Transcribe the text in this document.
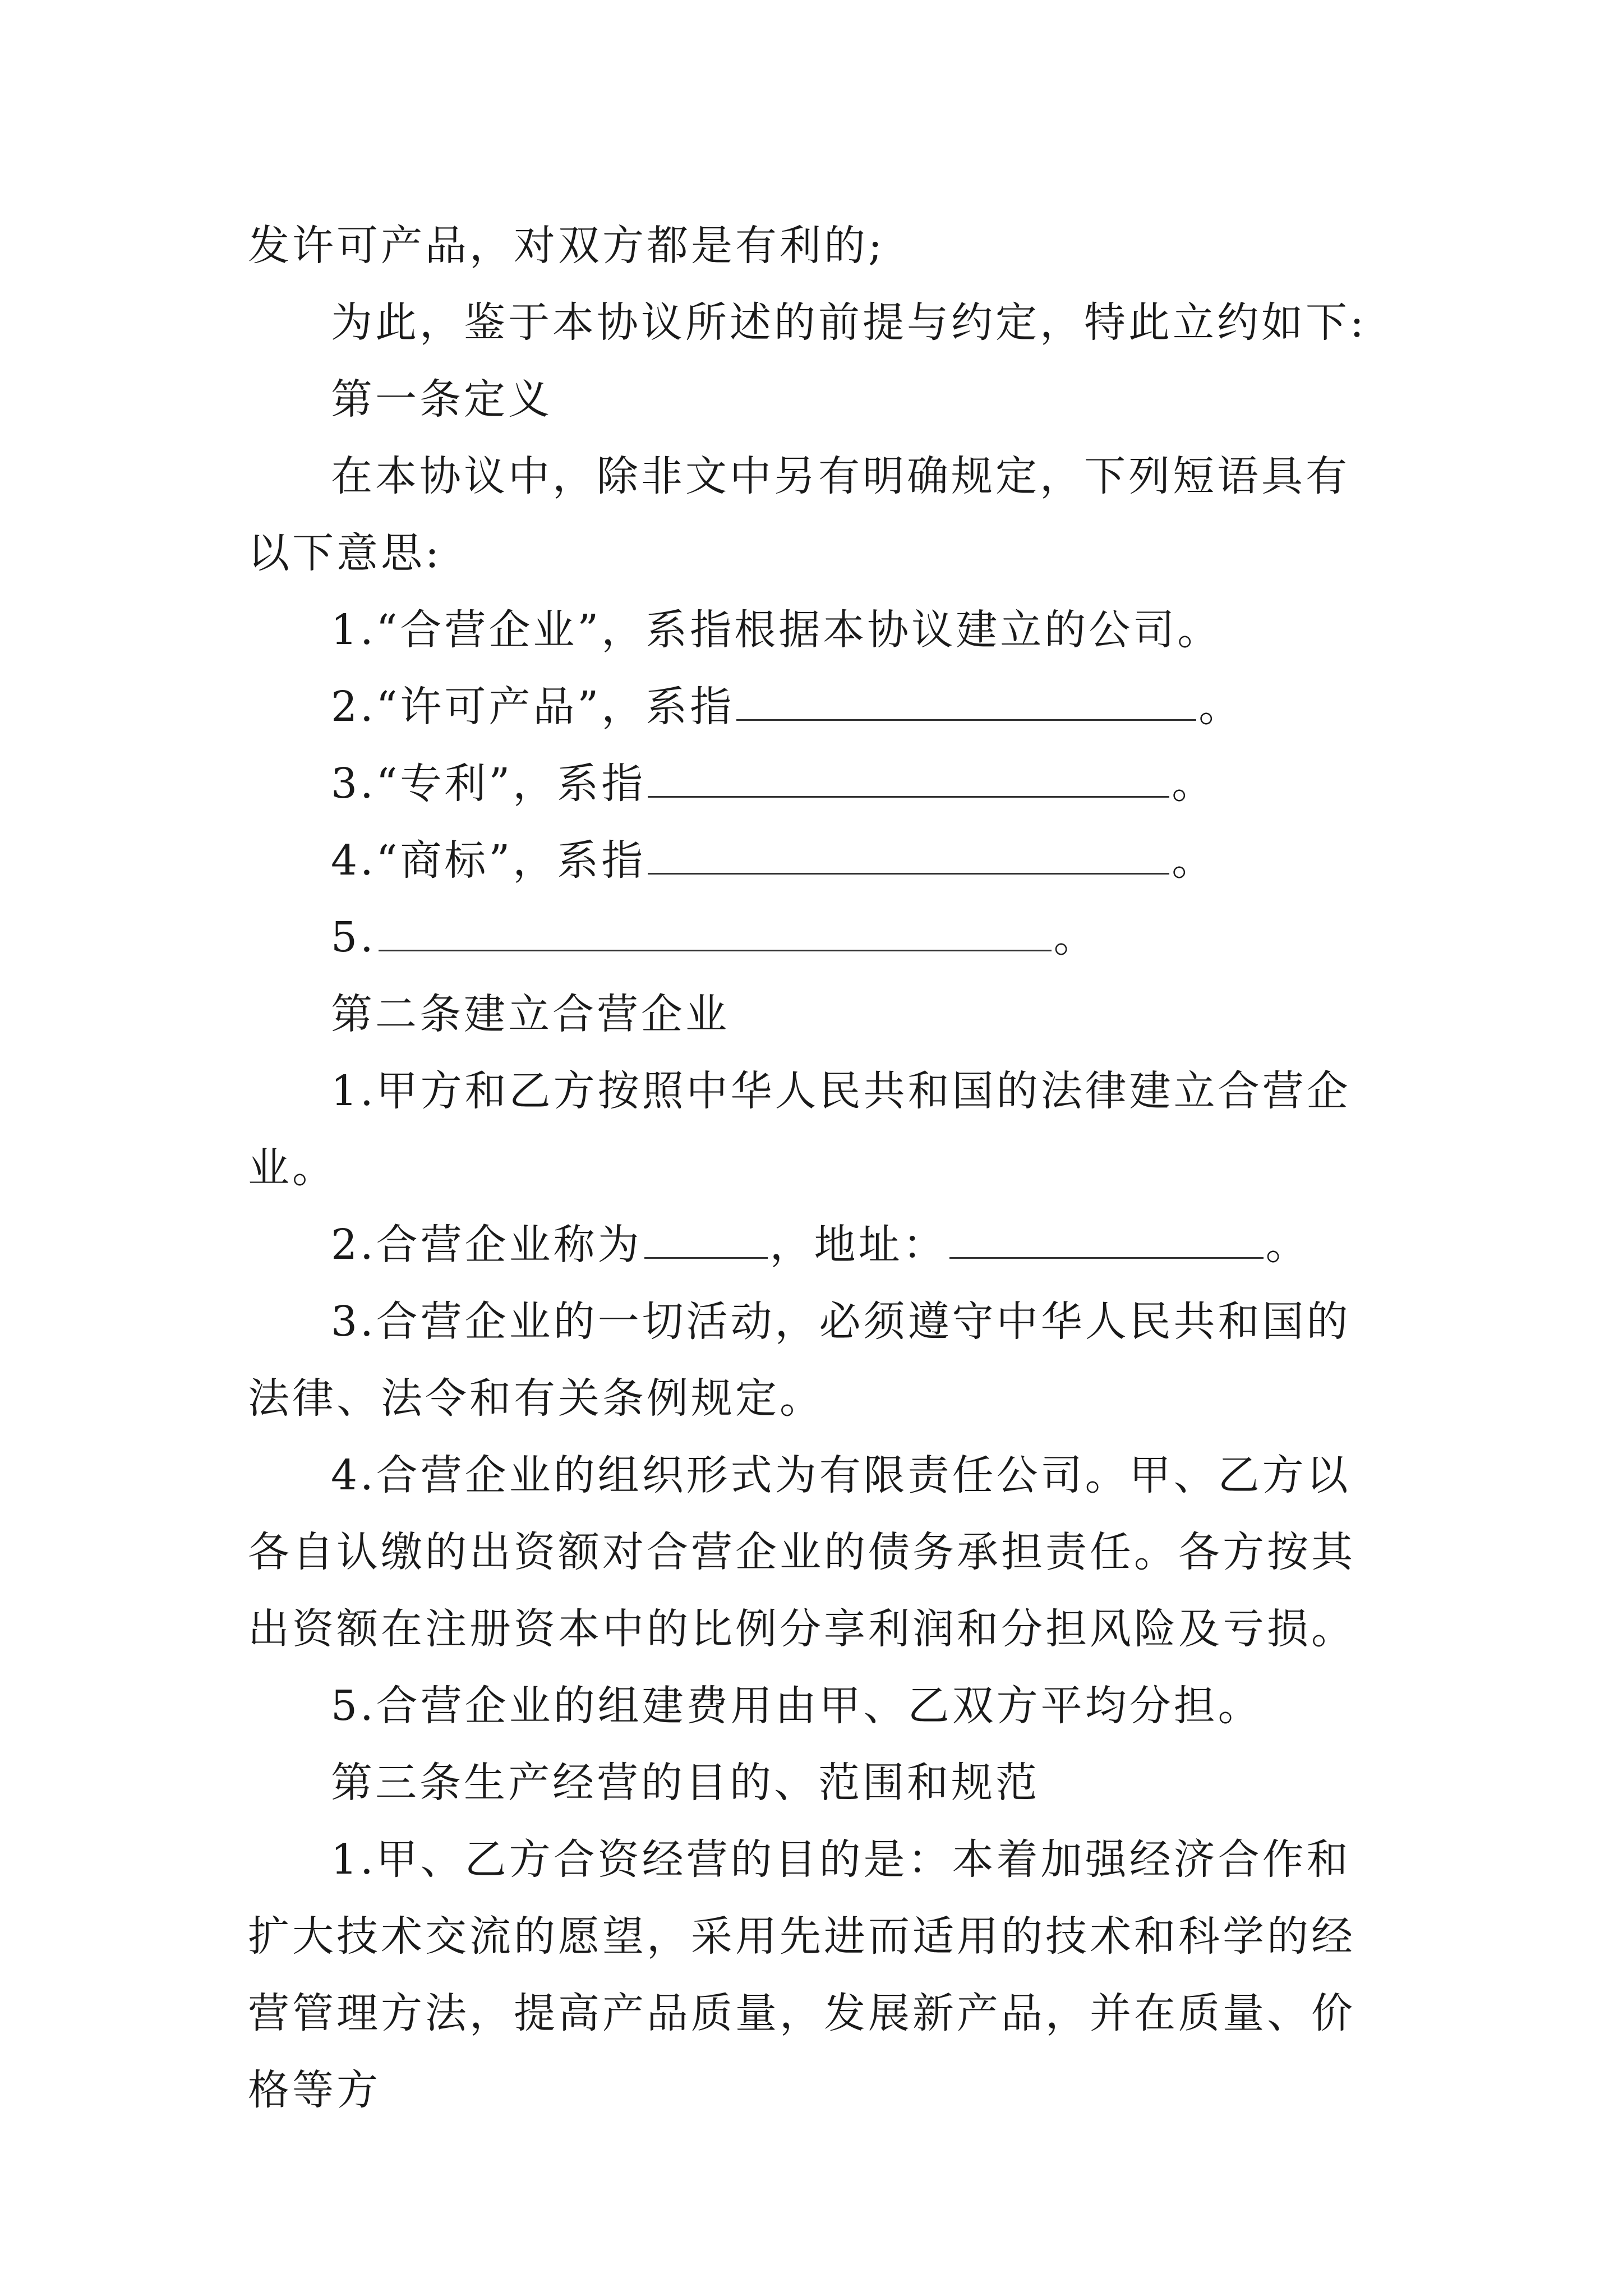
发许可产品，对双方都是有利的;

为此，鉴于本协议所述的前提与约定，特此立约如下:

第一条定义

在本协议中，除非文中另有明确规定，下列短语具有以下意思:

1.“合营企业”，系指根据本协议建立的公司。

2.“许可产品”，系指	。

3.“专利”，系指	。

4.“商标”，系指	。

5.	。

第二条建立合营企业

1.甲方和乙方按照中华人民共和国的法律建立合营企业。

2.合营企业称为	，地址：	。

3.合营企业的一切活动，必须遵守中华人民共和国的法律、法令和有关条例规定。

4.合营企业的组织形式为有限责任公司。甲、乙方以各自认缴的出资额对合营企业的债务承担责任。各方按其出资额在注册资本中的比例分享利润和分担风险及亏损。

5.合营企业的组建费用由甲、乙双方平均分担。

第三条生产经营的目的、范围和规范

1.甲、乙方合资经营的目的是：本着加强经济合作和扩大技术交流的愿望，采用先进而适用的技术和科学的经营管理方法，提高产品质量，发展新产品，并在质量、价格等方
